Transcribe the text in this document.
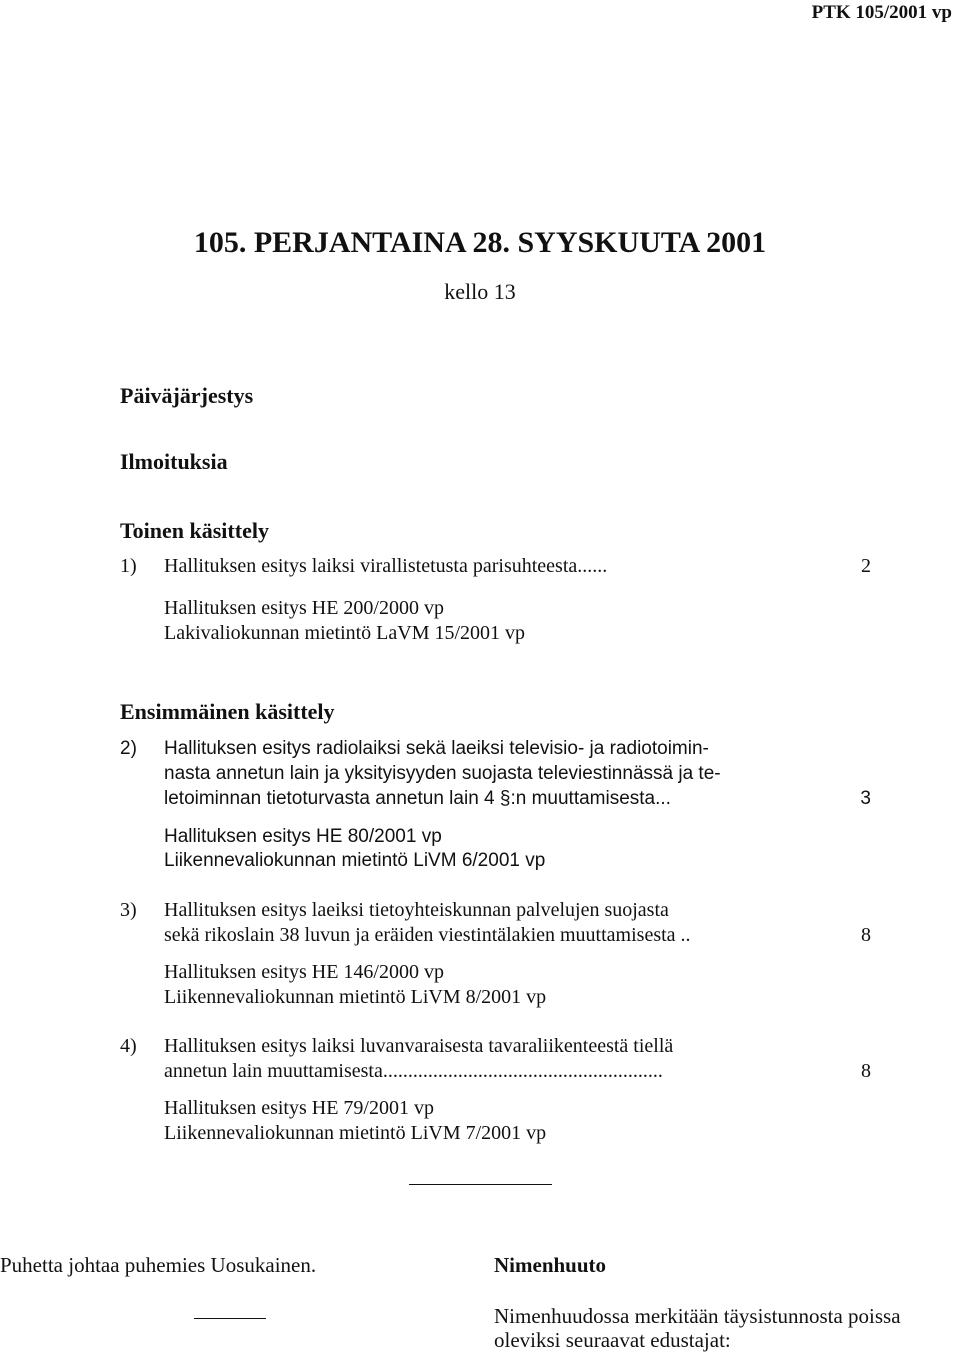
PTK 105/2001 vp
105. PERJANTAINA 28. SYYSKUUTA 2001
kello 13
Päiväjärjestys
Ilmoituksia
Toinen käsittely
1) Hallituksen esitys laiksi virallistetusta parisuhteesta......	2
Hallituksen esitys HE 200/2000 vp
Lakivaliokunnan mietintö LaVM 15/2001 vp
Ensimmäinen käsittely
2) Hallituksen esitys radiolaiksi sekä laeiksi televisio- ja radiotoimin-
nasta annetun lain ja yksityisyyden suojasta televiestinnässä ja te-
letoiminnan tietoturvasta annetun lain 4 §:n muuttamisesta...	3
Hallituksen esitys HE 80/2001 vp
Liikennevaliokunnan mietintö LiVM 6/2001 vp
3) Hallituksen esitys laeiksi tietoyhteiskunnan palvelujen suojasta
sekä rikoslain 38 luvun ja eräiden viestintälakien muuttamisesta ..	8
Hallituksen esitys HE 146/2000 vp
Liikennevaliokunnan mietintö LiVM 8/2001 vp
4) Hallituksen esitys laiksi luvanvaraisesta tavaraliikenteestä tiellä
annetun lain muuttamisesta........................................................	8
Hallituksen esitys HE 79/2001 vp
Liikennevaliokunnan mietintö LiVM 7/2001 vp
Puhetta johtaa puhemies Uosukainen.	Nimenhuuto
Nimenhuudossa merkitään täysistunnosta poissa
oleviksi seuraavat edustajat:
